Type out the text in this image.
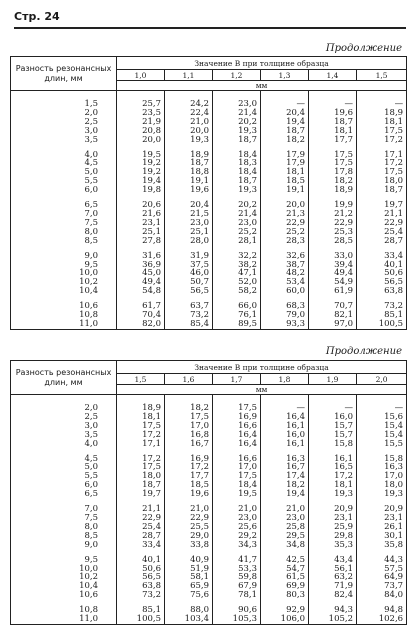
Стр. 24
Продолжение
Разность резонансных длин, мм	Значение B при толщине образца					
	1,0	1,1	1,2	1,3	1,4	1,5
	мм					

1,5	25,7	24,2	23,0	—	—	—
2,0	23,5	22,4	21,4	20,4	19,6	18,9
2,5	21,9	21,0	20,2	19,4	18,7	18,1
3,0	20,8	20,0	19,3	18,7	18,1	17,5
3,5	20,0	19,3	18,7	18,2	17,7	17,2

4,0	19,5	18,9	18,4	17,9	17,5	17,1
4,5	19,2	18,7	18,3	17,9	17,5	17,2
5,0	19,2	18,8	18,4	18,1	17,8	17,5
5,5	19,4	19,1	18,7	18,5	18,2	18,0
6,0	19,8	19,6	19,3	19,1	18,9	18,7

6,5	20,6	20,4	20,2	20,0	19,9	19,7
7,0	21,6	21,5	21,4	21,3	21,2	21,1
7,5	23,1	23,0	23,0	22,9	22,9	22,9
8,0	25,1	25,1	25,2	25,2	25,3	25,4
8,5	27,8	28,0	28,1	28,3	28,5	28,7

9,0	31,6	31,9	32,2	32,6	33,0	33,4
9,5	36,9	37,5	38,2	38,7	39,4	40,1
10,0	45,0	46,0	47,1	48,2	49,4	50,6
10,2	49,4	50,7	52,0	53,4	54,9	56,5
10,4	54,8	56,5	58,2	60,0	61,9	63,8

10,6	61,7	63,7	66,0	68,3	70,7	73,2
10,8	70,4	73,2	76,1	79,0	82,1	85,1
11,0	82,0	85,4	89,5	93,3	97,0	100,5
Продолжение
Разность резонансных длин, мм	Значение B при толщине образца					
	1,5	1,6	1,7	1,8	1,9	2,0
	мм					

2,0	18,9	18,2	17,5	—	—	—
2,5	18,1	17,5	16,9	16,4	16,0	15,6
3,0	17,5	17,0	16,6	16,1	15,7	15,4
3,5	17,2	16,8	16,4	16,0	15,7	15,4
4,0	17,1	16,7	16,4	16,1	15,8	15,5

4,5	17,2	16,9	16,6	16,3	16,1	15,8
5,0	17,5	17,2	17,0	16,7	16,5	16,3
5,5	18,0	17,7	17,5	17,4	17,2	17,0
6,0	18,7	18,5	18,4	18,2	18,1	18,0
6,5	19,7	19,6	19,5	19,4	19,3	19,3

7,0	21,1	21,0	21,0	21,0	20,9	20,9
7,5	22,9	22,9	23,0	23,0	23,1	23,1
8,0	25,4	25,5	25,6	25,8	25,9	26,1
8,5	28,7	29,0	29,2	29,5	29,8	30,1
9,0	33,4	33,8	34,3	34,8	35,3	35,8

9,5	40,1	40,9	41,7	42,5	43,4	44,3
10,0	50,6	51,9	53,3	54,7	56,1	57,5
10,2	56,5	58,1	59,8	61,5	63,2	64,9
10,4	63,8	65,9	67,9	69,9	71,9	73,7
10,6	73,2	75,6	78,1	80,3	82,4	84,0

10,8	85,1	88,0	90,6	92,9	94,3	94,8
11,0	100,5	103,4	105,3	106,0	105,2	102,6
